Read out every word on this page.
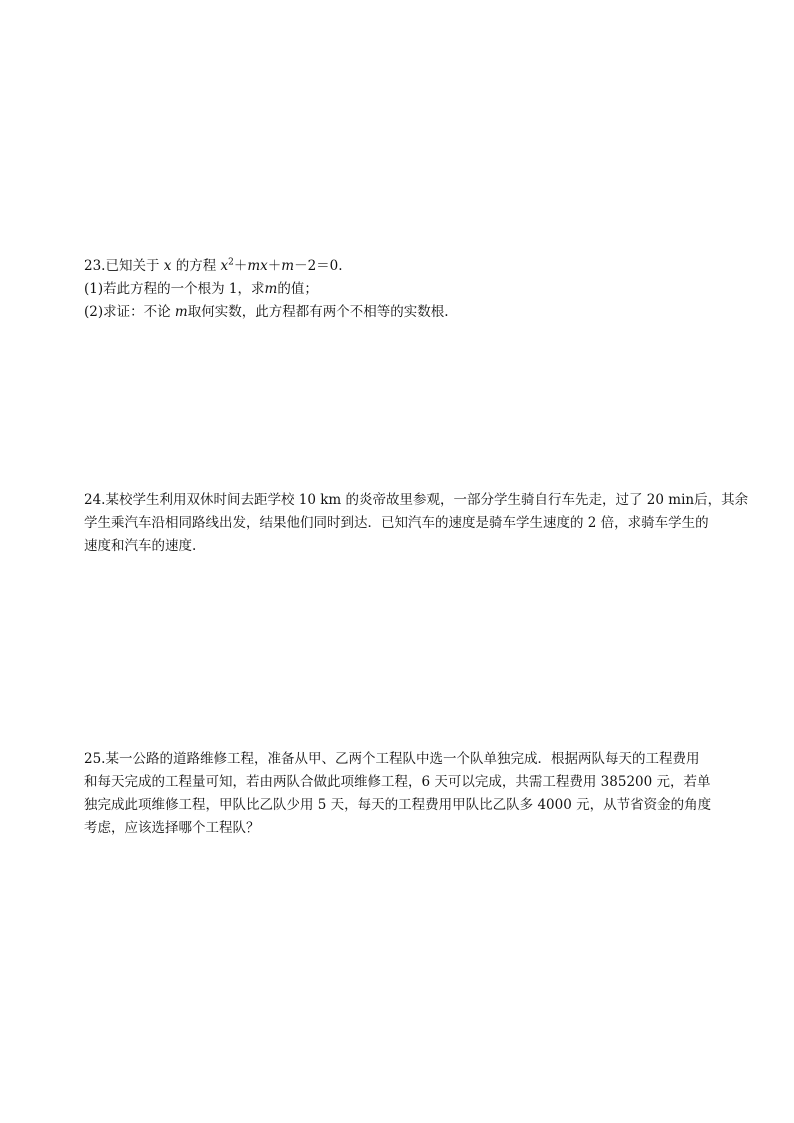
23.已知关于 x 的方程 $x^2+mx+m-2=0$.
(1)若此方程的一个根为 1，求m的值；
(2)求证：不论 m取何实数，此方程都有两个不相等的实数根.
24.某校学生利用双休时间去距学校 10 km 的炎帝故里参观，一部分学生骑自行车先走，过了 20 min后，其余
学生乘汽车沿相同路线出发，结果他们同时到达．已知汽车的速度是骑车学生速度的 2 倍，求骑车学生的
速度和汽车的速度.
25.某一公路的道路维修工程，准备从甲、乙两个工程队中选一个队单独完成．根据两队每天的工程费用
和每天完成的工程量可知，若由两队合做此项维修工程，6 天可以完成，共需工程费用 385200 元，若单
独完成此项维修工程，甲队比乙队少用 5 天，每天的工程费用甲队比乙队多 4000 元，从节省资金的角度
考虑，应该选择哪个工程队？
